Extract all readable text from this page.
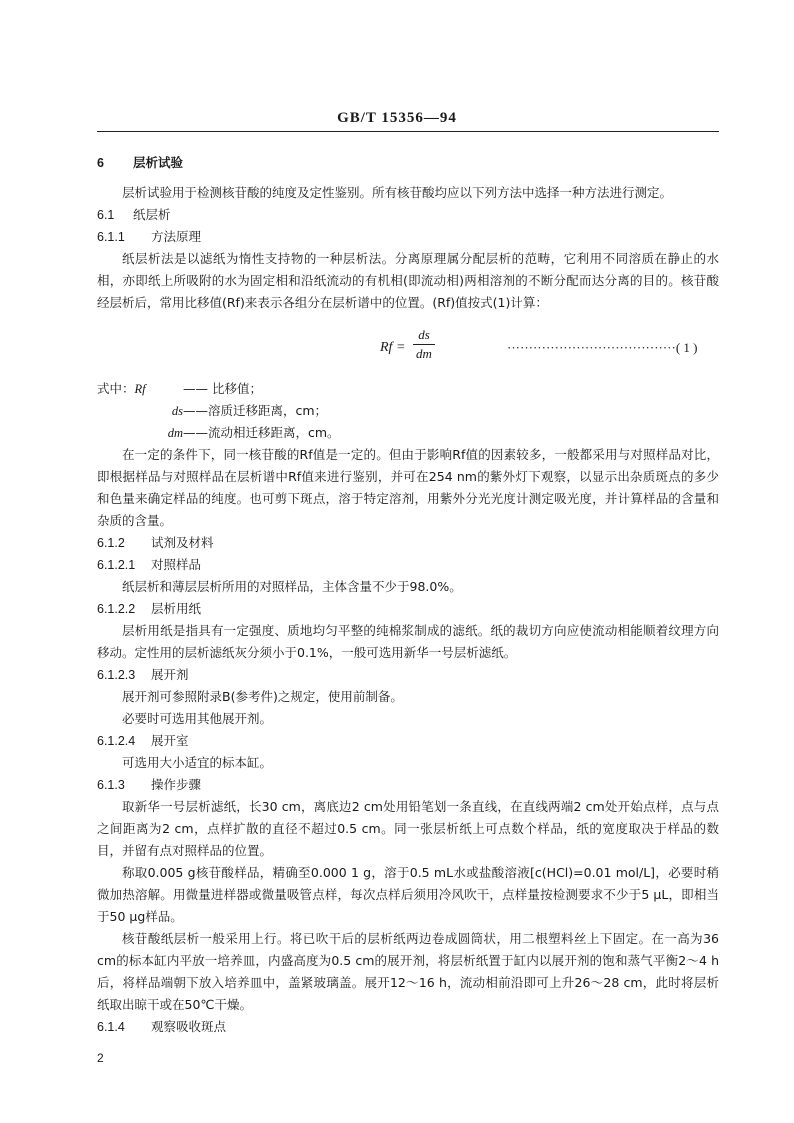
GB/T 15356—94

6 层析试验

层析试验用于检测核苷酸的纯度及定性鉴别。所有核苷酸均应以下列方法中选择一种方法进行测定。

6.1 纸层析

6.1.1 方法原理

纸层析法是以滤纸为惰性支持物的一种层析法。分离原理属分配层析的范畴，它利用不同溶质在静止的水相，亦即纸上所吸附的水为固定相和沿纸流动的有机相(即流动相)两相溶剂的不断分配而达分离的目的。核苷酸经层析后，常用比移值(Rf)来表示各组分在层析谱中的位置。(Rf)值按式(1)计算：

Rf =
ds
dm	·······································( 1 )
式中：Rf	—— 比移值；
ds ——溶质迁移距离，cm；
dm ——流动相迁移距离，cm。

在一定的条件下，同一核苷酸的Rf值是一定的。但由于影响Rf值的因素较多，一般都采用与对照样品对比，即根据样品与对照样品在层析谱中Rf值来进行鉴别，并可在254 nm的紫外灯下观察，以显示出杂质斑点的多少和色量来确定样品的纯度。也可剪下斑点，溶于特定溶剂，用紫外分光光度计测定吸光度，并计算样品的含量和杂质的含量。

6.1.2 试剂及材料

6.1.2.1 对照样品

纸层析和薄层层析所用的对照样品，主体含量不少于98.0%。

6.1.2.2 层析用纸

层析用纸是指具有一定强度、质地均匀平整的纯棉浆制成的滤纸。纸的裁切方向应使流动相能顺着纹理方向移动。定性用的层析滤纸灰分须小于0.1%，一般可选用新华一号层析滤纸。

6.1.2.3 展开剂

展开剂可参照附录B(参考件)之规定，使用前制备。

必要时可选用其他展开剂。

6.1.2.4 展开室

可选用大小适宜的标本缸。

6.1.3 操作步骤

取新华一号层析滤纸，长30 cm，离底边2 cm处用铅笔划一条直线，在直线两端2 cm处开始点样，点与点之间距离为2 cm，点样扩散的直径不超过0.5 cm。同一张层析纸上可点数个样品，纸的宽度取决于样品的数目，并留有点对照样品的位置。

称取0.005 g核苷酸样品，精确至0.000 1 g，溶于0.5 mL水或盐酸溶液[c(HCl)=0.01 mol/L]，必要时稍微加热溶解。用微量进样器或微量吸管点样，每次点样后须用冷风吹干，点样量按检测要求不少于5 μL，即相当于50 μg样品。

核苷酸纸层析一般采用上行。将已吹干后的层析纸两边卷成圆筒状，用二根塑料丝上下固定。在一高为36 cm的标本缸内平放一培养皿，内盛高度为0.5 cm的展开剂，将层析纸置于缸内以展开剂的饱和蒸气平衡2～4 h后，将样品端朝下放入培养皿中，盖紧玻璃盖。展开12～16 h，流动相前沿即可上升26～28 cm，此时将层析纸取出晾干或在50℃干燥。

6.1.4 观察吸收斑点

2
